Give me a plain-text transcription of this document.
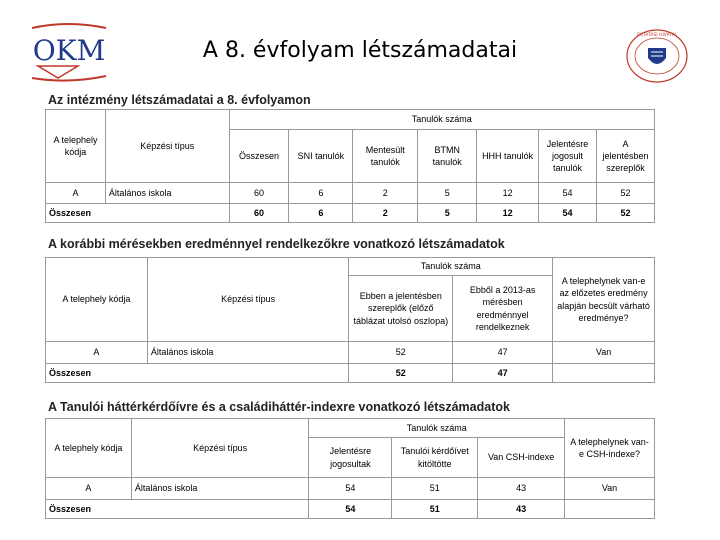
OKM	A 8. évfolyam létszámadatai
OKTATÁSI HIVATAL
Az intézmény létszámadatai a 8. évfolyamon
A telephely kódja	Képzési típus	Tanulók száma						
		Összesen	SNI tanulók	Mentesült tanulók	BTMN tanulók	HHH tanulók	Jelentésre jogosult tanulók	A jelentésben szereplők
A	Általános iskola	60	6	2	5	12	54	52
Összesen		60	6	2	5	12	54	52
A korábbi mérésekben eredménnyel rendelkezőkre vonatkozó létszámadatok
A telephely kódja	Képzési típus	Tanulók száma		A telephelynek van-e az előzetes eredmény alapján becsült várható eredménye?
		Ebben a jelentésben szereplők (előző táblázat utolsó oszlopa)	Ebből a 2013-as mérésben eredménnyel rendelkeznek	
A	Általános iskola	52	47	Van
Összesen		52	47	
A Tanulói háttérkérdőívre és a családiháttér-indexre vonatkozó létszámadatok
A telephely kódja	Képzési típus	Tanulók száma			A telephelynek van-e CSH-indexe?
		Jelentésre jogosultak	Tanulói kérdőívet kitöltötte	Van CSH-indexe	
A	Általános iskola	54	51	43	Van
Összesen		54	51	43	
